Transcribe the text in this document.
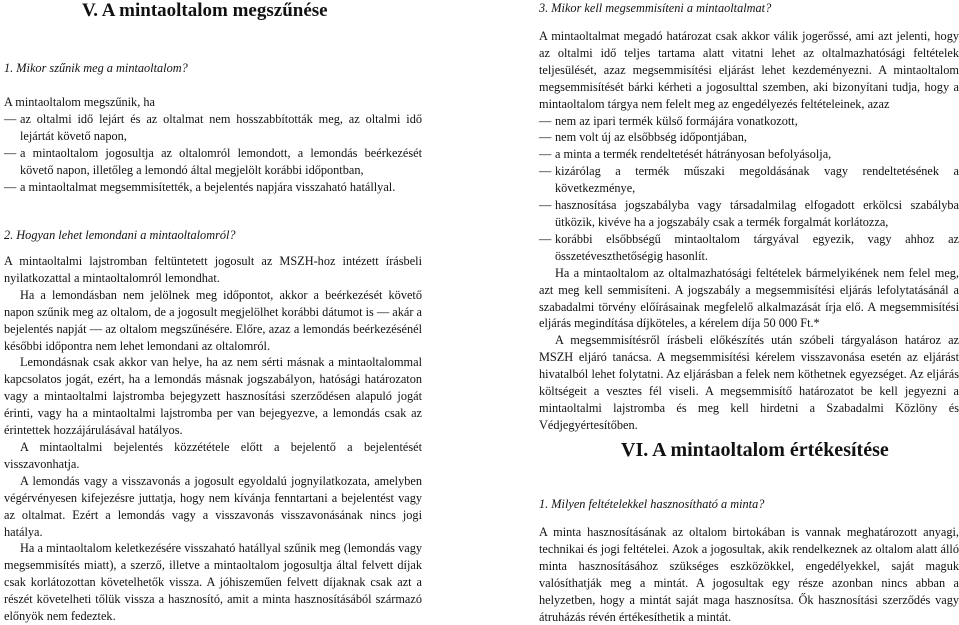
V. A mintaoltalom megszűnése

1. Mikor szűnik meg a mintaoltalom?

A mintaoltalom megszűnik, ha

— az oltalmi idő lejárt és az oltalmat nem hosszabbították meg, az oltalmi idő lejártát követő napon,

— a mintaoltalom jogosultja az oltalomról lemondott, a lemondás beérkezését követő napon, illetőleg a lemondó által megjelölt korábbi időpontban,

— a mintaoltalmat megsemmisítették, a bejelentés napjára visszaható hatállyal.

2. Hogyan lehet lemondani a mintaoltalomról?

A mintaoltalmi lajstromban feltüntetett jogosult az MSZH-hoz intézett írásbeli nyilatkozattal a mintaoltalomról lemondhat.

Ha a lemondásban nem jelölnek meg időpontot, akkor a beérkezését követő napon szűnik meg az oltalom, de a jogosult megjelölhet korábbi dátumot is — akár a bejelentés napját — az oltalom megszűnésére. Előre, azaz a lemondás beérkezésénél későbbi időpontra nem lehet lemondani az oltalomról.

Lemondásnak csak akkor van helye, ha az nem sérti másnak a mintaoltalommal kapcsolatos jogát, ezért, ha a lemondás másnak jogszabályon, hatósági határozaton vagy a mintaoltalmi lajstromba bejegyzett hasznosítási szerződésen alapuló jogát érinti, vagy ha a mintaoltalmi lajstromba per van bejegyezve, a lemondás csak az érintettek hozzájárulásával hatályos.

A mintaoltalmi bejelentés közzététele előtt a bejelentő a bejelentését visszavonhatja.

A lemondás vagy a visszavonás a jogosult egyoldalú jognyilatkozata, amelyben végérvényesen kifejezésre juttatja, hogy nem kívánja fenntartani a bejelentést vagy az oltalmat. Ezért a lemondás vagy a visszavonás visszavonásának nincs jogi hatálya.

Ha a mintaoltalom keletkezésére visszaható hatállyal szűnik meg (lemondás vagy megsemmisítés miatt), a szerző, illetve a mintaoltalom jogosultja által felvett díjak csak korlátozottan követelhetők vissza. A jóhiszeműen felvett díjaknak csak azt a részét követelheti tőlük vissza a hasznosító, amit a minta hasznosításából származó előnyök nem fedeztek.

3. Mikor kell megsemmisíteni a mintaoltalmat?

A mintaoltalmat megadó határozat csak akkor válik jogerőssé, ami azt jelenti, hogy az oltalmi idő teljes tartama alatt vitatni lehet az oltalmazhatósági feltételek teljesülését, azaz megsemmisítési eljárást lehet kezdeményezni. A mintaoltalom megsemmisítését bárki kérheti a jogosulttal szemben, aki bizonyítani tudja, hogy a mintaoltalom tárgya nem felelt meg az engedélyezés feltételeinek, azaz

— nem az ipari termék külső formájára vonatkozott,

— nem volt új az elsőbbség időpontjában,

— a minta a termék rendeltetését hátrányosan befolyásolja,

— kizárólag a termék műszaki megoldásának vagy rendeltetésének a következménye,

— hasznosítása jogszabályba vagy társadalmilag elfogadott erkölcsi szabályba ütközik, kivéve ha a jogszabály csak a termék forgalmát korlátozza,

— korábbi elsőbbségű mintaoltalom tárgyával egyezik, vagy ahhoz az összetéveszthetőségig hasonlít.

Ha a mintaoltalom az oltalmazhatósági feltételek bármelyikének nem felel meg, azt meg kell semmisíteni. A jogszabály a megsemmisítési eljárás lefolytatásánál a szabadalmi törvény előírásainak megfelelő alkalmazását írja elő. A megsemmisítési eljárás megindítása díjköteles, a kérelem díja 50 000 Ft.*

A megsemmisítésről írásbeli előkészítés után szóbeli tárgyaláson határoz az MSZH eljáró tanácsa. A megsemmisítési kérelem visszavonása esetén az eljárást hivatalból lehet folytatni. Az eljárásban a felek nem köthetnek egyezséget. Az eljárás költségeit a vesztes fél viseli. A megsemmisítő határozatot be kell jegyezni a mintaoltalmi lajstromba és meg kell hirdetni a Szabadalmi Közlöny és Védjegyértesítőben.

VI. A mintaoltalom értékesítése

1. Milyen feltételekkel hasznosítható a minta?

A minta hasznosításának az oltalom birtokában is vannak meghatározott anyagi, technikai és jogi feltételei. Azok a jogosultak, akik rendelkeznek az oltalom alatt álló minta hasznosításához szükséges eszközökkel, engedélyekkel, saját maguk valósíthatják meg a mintát. A jogosultak egy része azonban nincs abban a helyzetben, hogy a mintát saját maga hasznosítsa. Ők hasznosítási szerződés vagy átruházás révén értékesíthetik a mintát.
